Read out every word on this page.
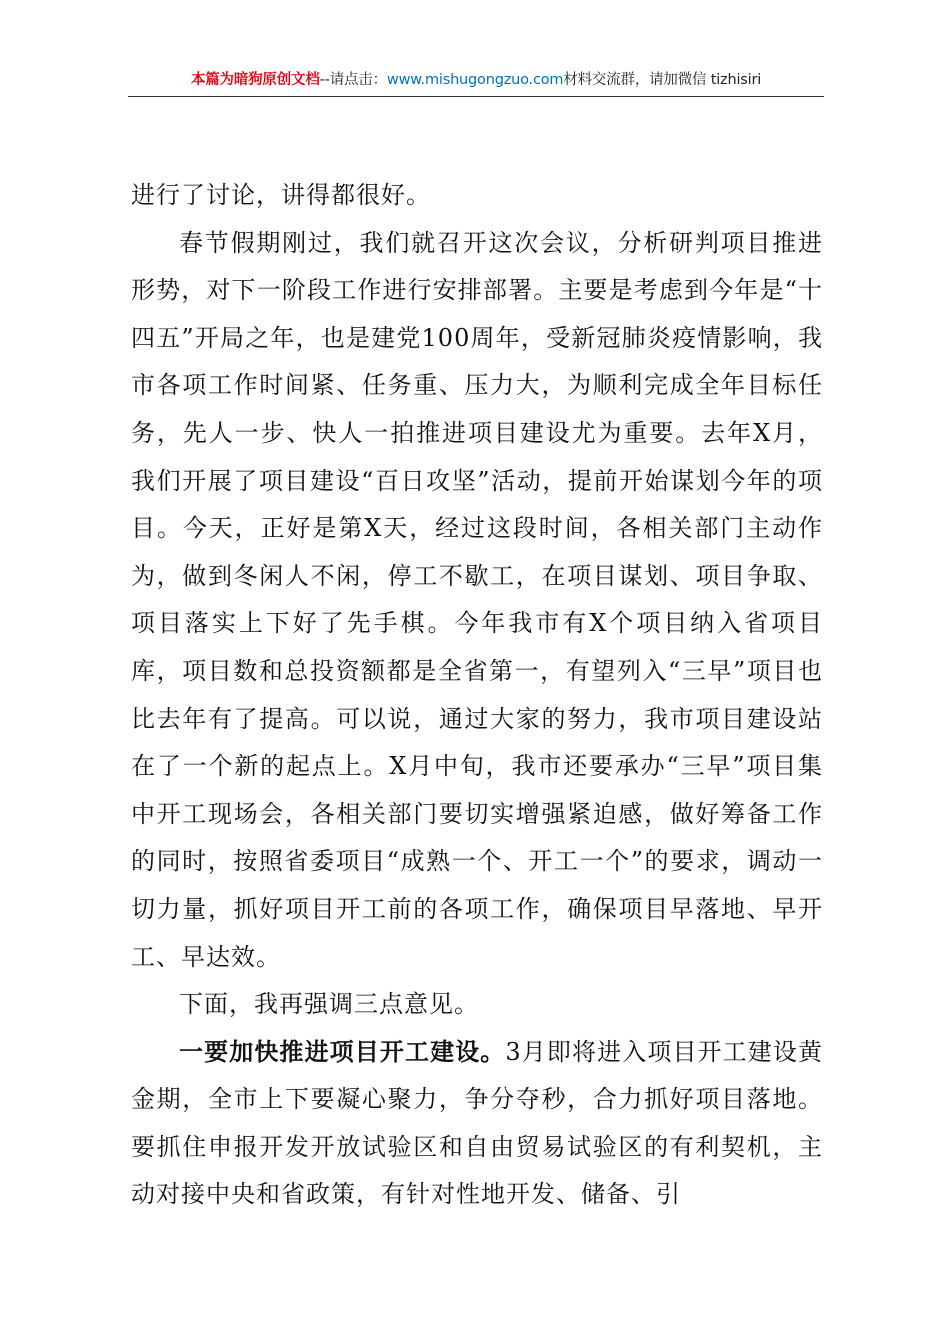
本篇为暗狗原创文档--请点击：www.mishugongzuo.com材料交流群，请加微信 tizhisiri

进行了讨论，讲得都很好。

春节假期刚过，我们就召开这次会议，分析研判项目推进形势，对下一阶段工作进行安排部署。主要是考虑到今年是“十四五”开局之年，也是建党100周年，受新冠肺炎疫情影响，我市各项工作时间紧、任务重、压力大，为顺利完成全年目标任务，先人一步、快人一拍推进项目建设尤为重要。去年X月，我们开展了项目建设“百日攻坚”活动，提前开始谋划今年的项目。今天，正好是第X天，经过这段时间，各相关部门主动作为，做到冬闲人不闲，停工不歇工，在项目谋划、项目争取、项目落实上下好了先手棋。今年我市有X个项目纳入省项目库，项目数和总投资额都是全省第一，有望列入“三早”项目也比去年有了提高。可以说，通过大家的努力，我市项目建设站在了一个新的起点上。X月中旬，我市还要承办“三早”项目集中开工现场会，各相关部门要切实增强紧迫感，做好筹备工作的同时，按照省委项目“成熟一个、开工一个”的要求，调动一切力量，抓好项目开工前的各项工作，确保项目早落地、早开工、早达效。

下面，我再强调三点意见。

一要加快推进项目开工建设。3月即将进入项目开工建设黄金期，全市上下要凝心聚力，争分夺秒，合力抓好项目落地。要抓住申报开发开放试验区和自由贸易试验区的有利契机，主动对接中央和省政策，有针对性地开发、储备、引
